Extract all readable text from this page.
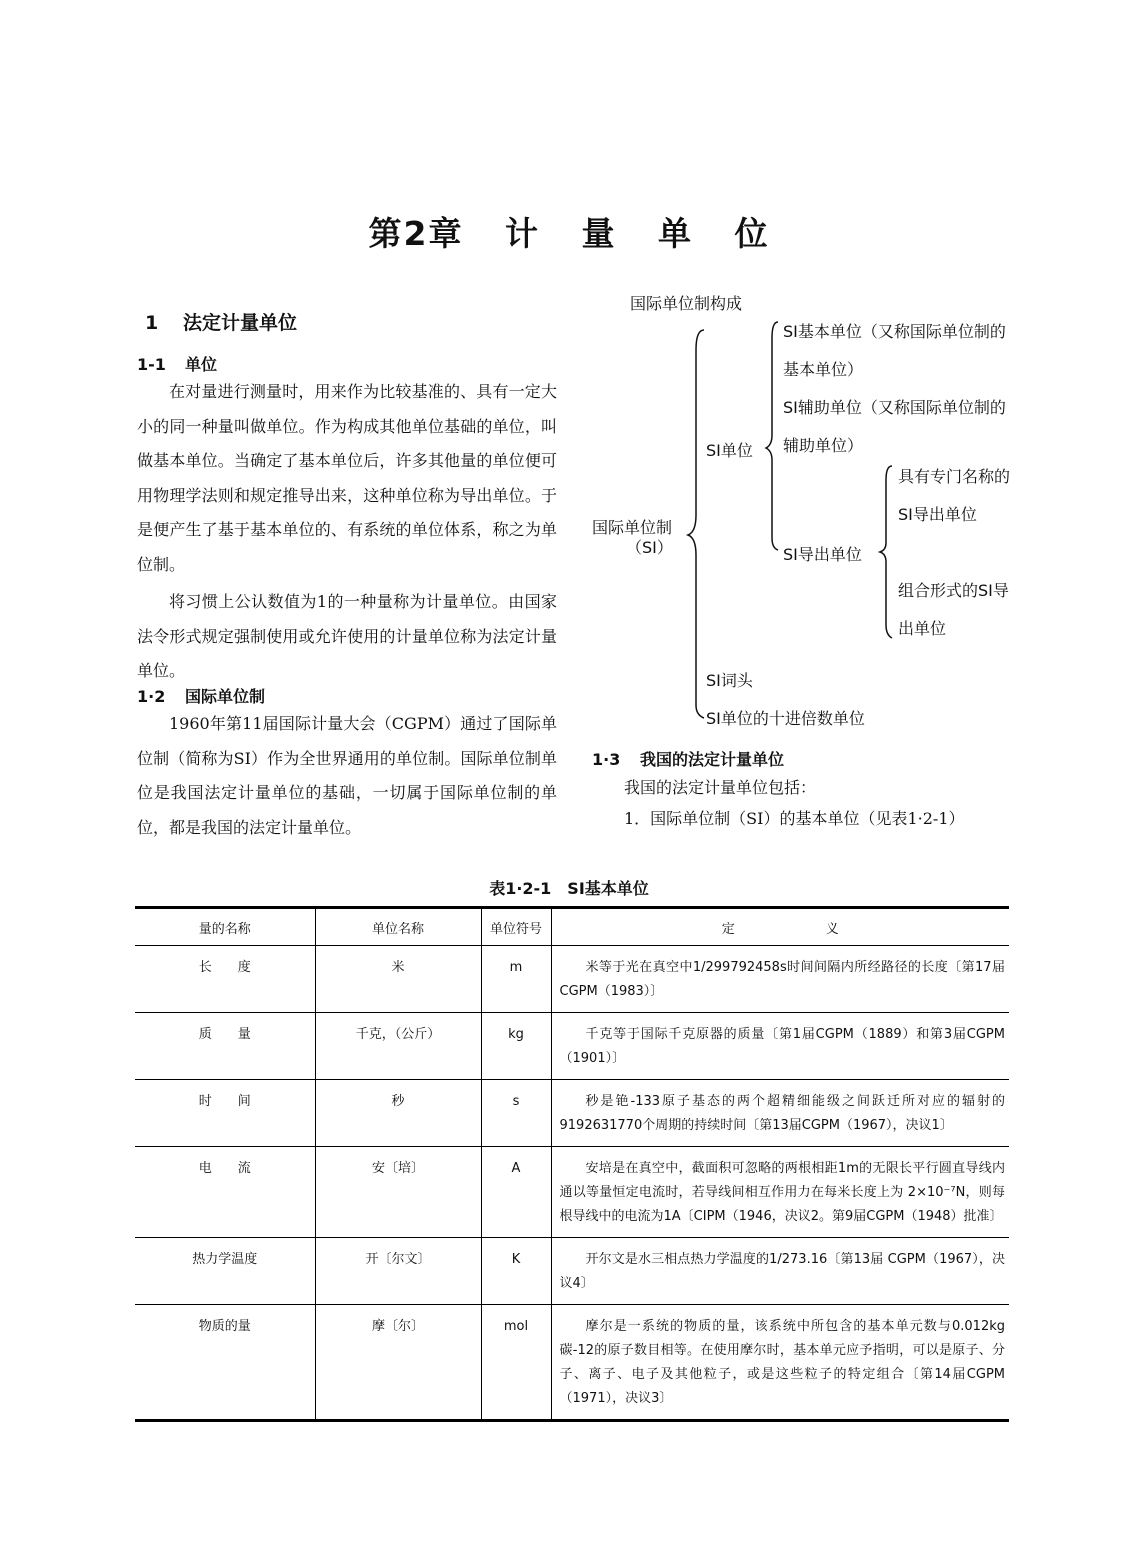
第2章 计 量 单 位
1 法定计量单位
1-1 单位

在对量进行测量时，用来作为比较基准的、具有一定大小的同一种量叫做单位。作为构成其他单位基础的单位，叫做基本单位。当确定了基本单位后，许多其他量的单位便可用物理学法则和规定推导出来，这种单位称为导出单位。于是便产生了基于基本单位的、有系统的单位体系，称之为单位制。

将习惯上公认数值为1的一种量称为计量单位。由国家法令形式规定强制使用或允许使用的计量单位称为法定计量单位。

1·2 国际单位制

1960年第11届国际计量大会（CGPM）通过了国际单位制（简称为SI）作为全世界通用的单位制。国际单位制单位是我国法定计量单位的基础，一切属于国际单位制的单位，都是我国的法定计量单位。

国际单位制构成
国际单位制
（SI）
SI单位
SI基本单位（又称国际单位制的基本单位）
SI辅助单位（又称国际单位制的辅助单位）
SI导出单位
具有专门名称的SI导出单位
组合形式的SI导出单位
SI词头
SI单位的十进倍数单位
1·3 我国的法定计量单位

我国的法定计量单位包括：

1．国际单位制（SI）的基本单位（见表1·2-1）

表1·2-1　SI基本单位
量的名称	单位名称	单位符号	定　　　　　　　义
长　　度	米	m	米等于光在真空中1/299792458s时间间隔内所经路径的长度〔第17届CGPM（1983）〕
质　　量	千克，（公斤）	kg	千克等于国际千克原器的质量〔第1届CGPM（1889）和第3届CGPM（1901）〕
时　　间	秒	s	秒是铯-133原子基态的两个超精细能级之间跃迁所对应的辐射的9192631770个周期的持续时间〔第13届CGPM（1967），决议1〕
电　　流	安〔培〕	A	安培是在真空中，截面积可忽略的两根相距1m的无限长平行圆直导线内通以等量恒定电流时，若导线间相互作用力在每米长度上为 2×10⁻⁷N，则每根导线中的电流为1A〔CIPM（1946，决议2。第9届CGPM（1948）批准〕
热力学温度	开〔尔文〕	K	开尔文是水三相点热力学温度的1/273.16〔第13届 CGPM（1967），决议4〕
物质的量	摩〔尔〕	mol	摩尔是一系统的物质的量，该系统中所包含的基本单元数与0.012kg碳-12的原子数目相等。在使用摩尔时，基本单元应予指明，可以是原子、分子、离子、电子及其他粒子，或是这些粒子的特定组合〔第14届CGPM（1971），决议3〕
